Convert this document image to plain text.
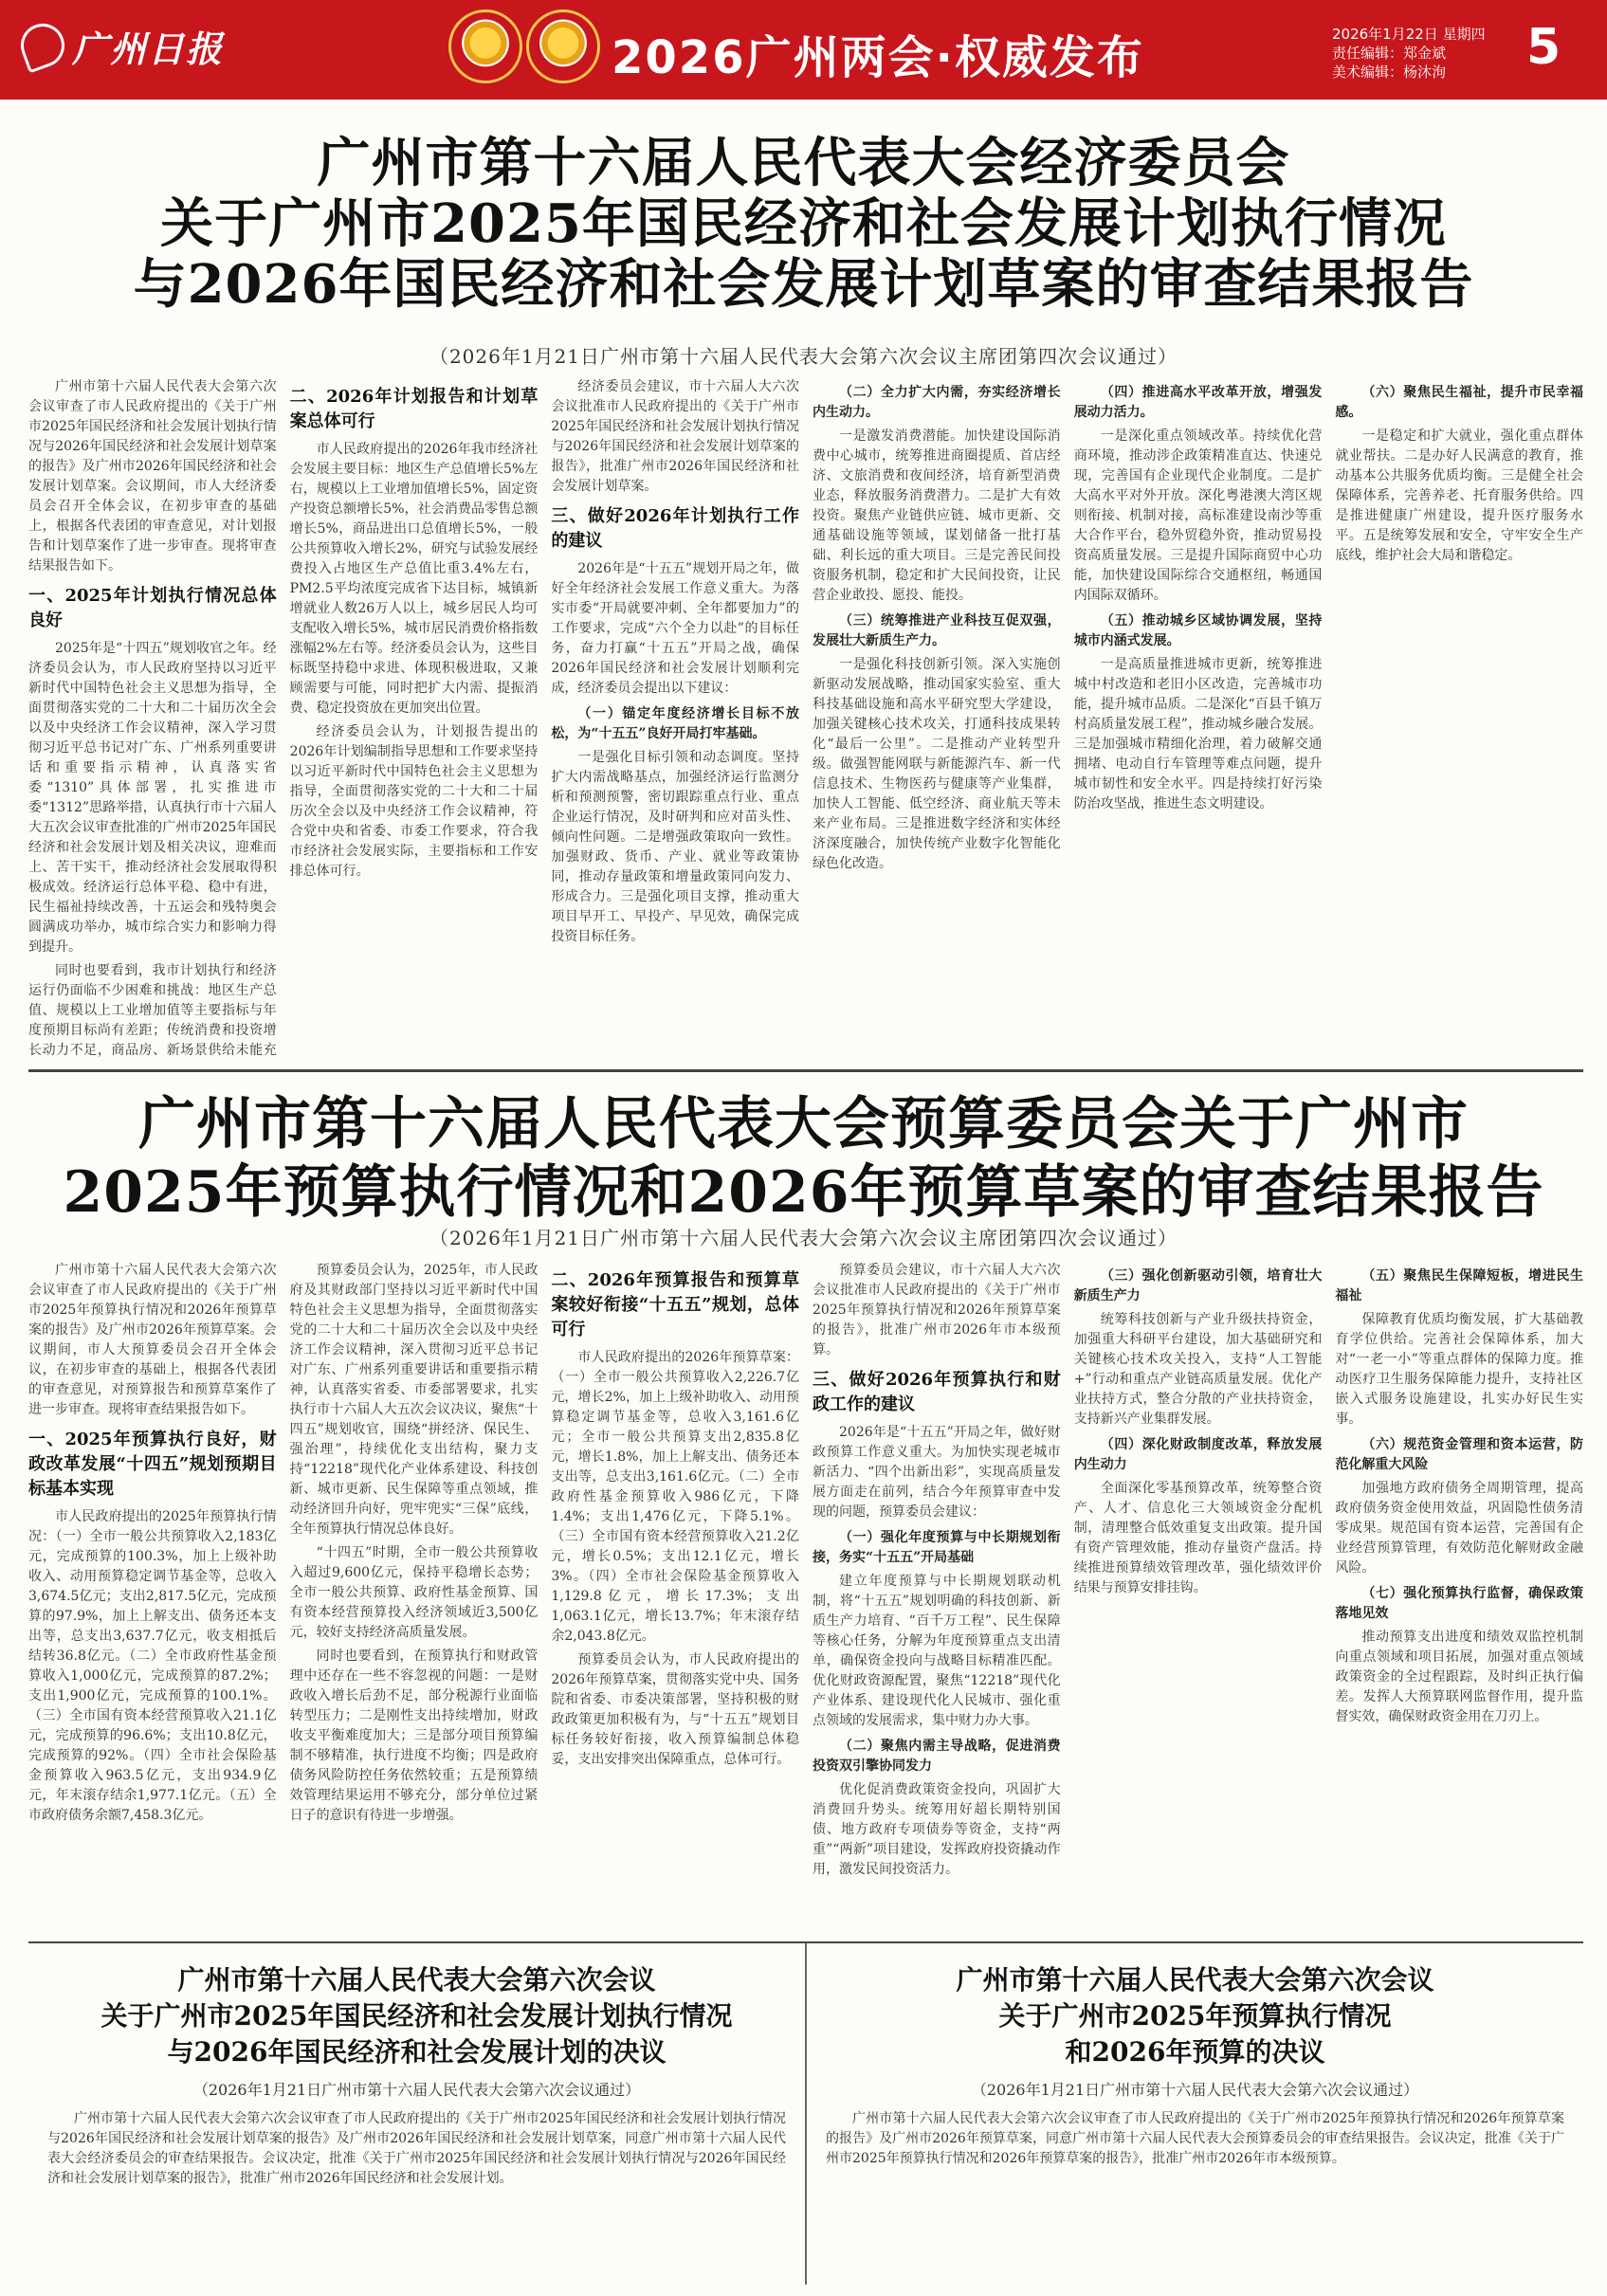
广州日报	2026广州两会·权威发布	2026年1月22日 星期四
责任编辑：郑金斌
美术编辑：杨沐洵	5
广州市第十六届人民代表大会经济委员会
关于广州市2025年国民经济和社会发展计划执行情况
与2026年国民经济和社会发展计划草案的审查结果报告
（2026年1月21日广州市第十六届人民代表大会第六次会议主席团第四次会议通过）

广州市第十六届人民代表大会第六次会议审查了市人民政府提出的《关于广州市2025年国民经济和社会发展计划执行情况与2026年国民经济和社会发展计划草案的报告》及广州市2026年国民经济和社会发展计划草案。会议期间，市人大经济委员会召开全体会议，在初步审查的基础上，根据各代表团的审查意见，对计划报告和计划草案作了进一步审查。现将审查结果报告如下。

一、2025年计划执行情况总体良好

2025年是“十四五”规划收官之年。经济委员会认为，市人民政府坚持以习近平新时代中国特色社会主义思想为指导，全面贯彻落实党的二十大和二十届历次全会以及中央经济工作会议精神，深入学习贯彻习近平总书记对广东、广州系列重要讲话和重要指示精神，认真落实省委“1310”具体部署，扎实推进市委“1312”思路举措，认真执行市十六届人大五次会议审查批准的广州市2025年国民经济和社会发展计划及相关决议，迎难而上、苦干实干，推动经济社会发展取得积极成效。经济运行总体平稳、稳中有进，民生福祉持续改善，十五运会和残特奥会圆满成功举办，城市综合实力和影响力得到提升。

同时也要看到，我市计划执行和经济运行仍面临不少困难和挑战：地区生产总值、规模以上工业增加值等主要指标与年度预期目标尚有差距；传统消费和投资增长动力不足，商品房、新场景供给未能充

二、2026年计划报告和计划草案总体可行

市人民政府提出的2026年我市经济社会发展主要目标：地区生产总值增长5%左右，规模以上工业增加值增长5%，固定资产投资总额增长5%，社会消费品零售总额增长5%，商品进出口总值增长5%，一般公共预算收入增长2%，研究与试验发展经费投入占地区生产总值比重3.4%左右，PM2.5平均浓度完成省下达目标，城镇新增就业人数26万人以上，城乡居民人均可支配收入增长5%，城市居民消费价格指数涨幅2%左右等。经济委员会认为，这些目标既坚持稳中求进、体现积极进取，又兼顾需要与可能，同时把扩大内需、提振消费、稳定投资放在更加突出位置。

经济委员会认为，计划报告提出的2026年计划编制指导思想和工作要求坚持以习近平新时代中国特色社会主义思想为指导，全面贯彻落实党的二十大和二十届历次全会以及中央经济工作会议精神，符合党中央和省委、市委工作要求，符合我市经济社会发展实际，主要指标和工作安排总体可行。

经济委员会建议，市十六届人大六次会议批准市人民政府提出的《关于广州市2025年国民经济和社会发展计划执行情况与2026年国民经济和社会发展计划草案的报告》，批准广州市2026年国民经济和社会发展计划草案。

三、做好2026年计划执行工作的建议

2026年是“十五五”规划开局之年，做好全年经济社会发展工作意义重大。为落实市委“开局就要冲刺、全年都要加力”的工作要求，完成“六个全力以赴”的目标任务，奋力打赢“十五五”开局之战，确保2026年国民经济和社会发展计划顺利完成，经济委员会提出以下建议：

（一）锚定年度经济增长目标不放松，为“十五五”良好开局打牢基础。

一是强化目标引领和动态调度。坚持扩大内需战略基点，加强经济运行监测分析和预测预警，密切跟踪重点行业、重点企业运行情况，及时研判和应对苗头性、倾向性问题。二是增强政策取向一致性。加强财政、货币、产业、就业等政策协同，推动存量政策和增量政策同向发力、形成合力。三是强化项目支撑，推动重大项目早开工、早投产、早见效，确保完成投资目标任务。

（二）全力扩大内需，夯实经济增长内生动力。

一是激发消费潜能。加快建设国际消费中心城市，统筹推进商圈提质、首店经济、文旅消费和夜间经济，培育新型消费业态，释放服务消费潜力。二是扩大有效投资。聚焦产业链供应链、城市更新、交通基础设施等领域，谋划储备一批打基础、利长远的重大项目。三是完善民间投资服务机制，稳定和扩大民间投资，让民营企业敢投、愿投、能投。

（三）统筹推进产业科技互促双强，发展壮大新质生产力。

一是强化科技创新引领。深入实施创新驱动发展战略，推动国家实验室、重大科技基础设施和高水平研究型大学建设，加强关键核心技术攻关，打通科技成果转化“最后一公里”。二是推动产业转型升级。做强智能网联与新能源汽车、新一代信息技术、生物医药与健康等产业集群，加快人工智能、低空经济、商业航天等未来产业布局。三是推进数字经济和实体经济深度融合，加快传统产业数字化智能化绿色化改造。

（四）推进高水平改革开放，增强发展动力活力。

一是深化重点领域改革。持续优化营商环境，推动涉企政策精准直达、快速兑现，完善国有企业现代企业制度。二是扩大高水平对外开放。深化粤港澳大湾区规则衔接、机制对接，高标准建设南沙等重大合作平台，稳外贸稳外资，推动贸易投资高质量发展。三是提升国际商贸中心功能，加快建设国际综合交通枢纽，畅通国内国际双循环。

（五）推动城乡区域协调发展，坚持城市内涵式发展。

一是高质量推进城市更新，统筹推进城中村改造和老旧小区改造，完善城市功能，提升城市品质。二是深化“百县千镇万村高质量发展工程”，推动城乡融合发展。三是加强城市精细化治理，着力破解交通拥堵、电动自行车管理等难点问题，提升城市韧性和安全水平。四是持续打好污染防治攻坚战，推进生态文明建设。

（六）聚焦民生福祉，提升市民幸福感。

一是稳定和扩大就业，强化重点群体就业帮扶。二是办好人民满意的教育，推动基本公共服务优质均衡。三是健全社会保障体系，完善养老、托育服务供给。四是推进健康广州建设，提升医疗服务水平。五是统筹发展和安全，守牢安全生产底线，维护社会大局和谐稳定。

广州市第十六届人民代表大会预算委员会关于广州市
2025年预算执行情况和2026年预算草案的审查结果报告
（2026年1月21日广州市第十六届人民代表大会第六次会议主席团第四次会议通过）

广州市第十六届人民代表大会第六次会议审查了市人民政府提出的《关于广州市2025年预算执行情况和2026年预算草案的报告》及广州市2026年预算草案。会议期间，市人大预算委员会召开全体会议，在初步审查的基础上，根据各代表团的审查意见，对预算报告和预算草案作了进一步审查。现将审查结果报告如下。

一、2025年预算执行良好，财政改革发展“十四五”规划预期目标基本实现

市人民政府提出的2025年预算执行情况：（一）全市一般公共预算收入2,183亿元，完成预算的100.3%，加上上级补助收入、动用预算稳定调节基金等，总收入3,674.5亿元；支出2,817.5亿元，完成预算的97.9%，加上上解支出、债务还本支出等，总支出3,637.7亿元，收支相抵后结转36.8亿元。（二）全市政府性基金预算收入1,000亿元，完成预算的87.2%；支出1,900亿元，完成预算的100.1%。（三）全市国有资本经营预算收入21.1亿元，完成预算的96.6%；支出10.8亿元，完成预算的92%。（四）全市社会保险基金预算收入963.5亿元，支出934.9亿元，年末滚存结余1,977.1亿元。（五）全市政府债务余额7,458.3亿元。

预算委员会认为，2025年，市人民政府及其财政部门坚持以习近平新时代中国特色社会主义思想为指导，全面贯彻落实党的二十大和二十届历次全会以及中央经济工作会议精神，深入贯彻习近平总书记对广东、广州系列重要讲话和重要指示精神，认真落实省委、市委部署要求，扎实执行市十六届人大五次会议决议，聚焦“十四五”规划收官，围绕“拼经济、保民生、强治理”，持续优化支出结构，聚力支持“12218”现代化产业体系建设、科技创新、城市更新、民生保障等重点领域，推动经济回升向好，兜牢兜实“三保”底线，全年预算执行情况总体良好。

“十四五”时期，全市一般公共预算收入超过9,600亿元，保持平稳增长态势；全市一般公共预算、政府性基金预算、国有资本经营预算投入经济领域近3,500亿元，较好支持经济高质量发展。

同时也要看到，在预算执行和财政管理中还存在一些不容忽视的问题：一是财政收入增长后劲不足，部分税源行业面临转型压力；二是刚性支出持续增加，财政收支平衡难度加大；三是部分项目预算编制不够精准，执行进度不均衡；四是政府债务风险防控任务依然较重；五是预算绩效管理结果运用不够充分，部分单位过紧日子的意识有待进一步增强。

二、2026年预算报告和预算草案较好衔接“十五五”规划，总体可行

市人民政府提出的2026年预算草案：（一）全市一般公共预算收入2,226.7亿元，增长2%，加上上级补助收入、动用预算稳定调节基金等，总收入3,161.6亿元；全市一般公共预算支出2,835.8亿元，增长1.8%，加上上解支出、债务还本支出等，总支出3,161.6亿元。（二）全市政府性基金预算收入986亿元，下降1.4%；支出1,476亿元，下降5.1%。（三）全市国有资本经营预算收入21.2亿元，增长0.5%；支出12.1亿元，增长3%。（四）全市社会保险基金预算收入1,129.8亿元，增长17.3%；支出1,063.1亿元，增长13.7%；年末滚存结余2,043.8亿元。

预算委员会认为，市人民政府提出的2026年预算草案，贯彻落实党中央、国务院和省委、市委决策部署，坚持积极的财政政策更加积极有为，与“十五五”规划目标任务较好衔接，收入预算编制总体稳妥，支出安排突出保障重点，总体可行。

预算委员会建议，市十六届人大六次会议批准市人民政府提出的《关于广州市2025年预算执行情况和2026年预算草案的报告》，批准广州市2026年市本级预算。

三、做好2026年预算执行和财政工作的建议

2026年是“十五五”开局之年，做好财政预算工作意义重大。为加快实现老城市新活力、“四个出新出彩”，实现高质量发展方面走在前列，结合今年预算审查中发现的问题，预算委员会建议：

（一）强化年度预算与中长期规划衔接，务实“十五五”开局基础

建立年度预算与中长期规划联动机制，将“十五五”规划明确的科技创新、新质生产力培育、“百千万工程”、民生保障等核心任务，分解为年度预算重点支出清单，确保资金投向与战略目标精准匹配。优化财政资源配置，聚焦“12218”现代化产业体系、建设现代化人民城市、强化重点领域的发展需求，集中财力办大事。

（二）聚焦内需主导战略，促进消费投资双引擎协同发力

优化促消费政策资金投向，巩固扩大消费回升势头。统筹用好超长期特别国债、地方政府专项债券等资金，支持“两重”“两新”项目建设，发挥政府投资撬动作用，激发民间投资活力。

（三）强化创新驱动引领，培育壮大新质生产力

统筹科技创新与产业升级扶持资金，加强重大科研平台建设，加大基础研究和关键核心技术攻关投入，支持“人工智能+”行动和重点产业链高质量发展。优化产业扶持方式，整合分散的产业扶持资金，支持新兴产业集群发展。

（四）深化财政制度改革，释放发展内生动力

全面深化零基预算改革，统筹整合资产、人才、信息化三大领域资金分配机制，清理整合低效重复支出政策。提升国有资产管理效能，推动存量资产盘活。持续推进预算绩效管理改革，强化绩效评价结果与预算安排挂钩。

（五）聚焦民生保障短板，增进民生福祉

保障教育优质均衡发展，扩大基础教育学位供给。完善社会保障体系，加大对“一老一小”等重点群体的保障力度。推动医疗卫生服务保障能力提升，支持社区嵌入式服务设施建设，扎实办好民生实事。

（六）规范资金管理和资本运营，防范化解重大风险

加强地方政府债务全周期管理，提高政府债务资金使用效益，巩固隐性债务清零成果。规范国有资本运营，完善国有企业经营预算管理，有效防范化解财政金融风险。

（七）强化预算执行监督，确保政策落地见效

推动预算支出进度和绩效双监控机制向重点领域和项目拓展，加强对重点领域政策资金的全过程跟踪，及时纠正执行偏差。发挥人大预算联网监督作用，提升监督实效，确保财政资金用在刀刃上。

广州市第十六届人民代表大会第六次会议
关于广州市2025年国民经济和社会发展计划执行情况
与2026年国民经济和社会发展计划的决议
（2026年1月21日广州市第十六届人民代表大会第六次会议通过）
广州市第十六届人民代表大会第六次会议审查了市人民政府提出的《关于广州市2025年国民经济和社会发展计划执行情况与2026年国民经济和社会发展计划草案的报告》及广州市2026年国民经济和社会发展计划草案，同意广州市第十六届人民代表大会经济委员会的审查结果报告。会议决定，批准《关于广州市2025年国民经济和社会发展计划执行情况与2026年国民经济和社会发展计划草案的报告》，批准广州市2026年国民经济和社会发展计划。
广州市第十六届人民代表大会第六次会议
关于广州市2025年预算执行情况
和2026年预算的决议
（2026年1月21日广州市第十六届人民代表大会第六次会议通过）
广州市第十六届人民代表大会第六次会议审查了市人民政府提出的《关于广州市2025年预算执行情况和2026年预算草案的报告》及广州市2026年预算草案，同意广州市第十六届人民代表大会预算委员会的审查结果报告。会议决定，批准《关于广州市2025年预算执行情况和2026年预算草案的报告》，批准广州市2026年市本级预算。
